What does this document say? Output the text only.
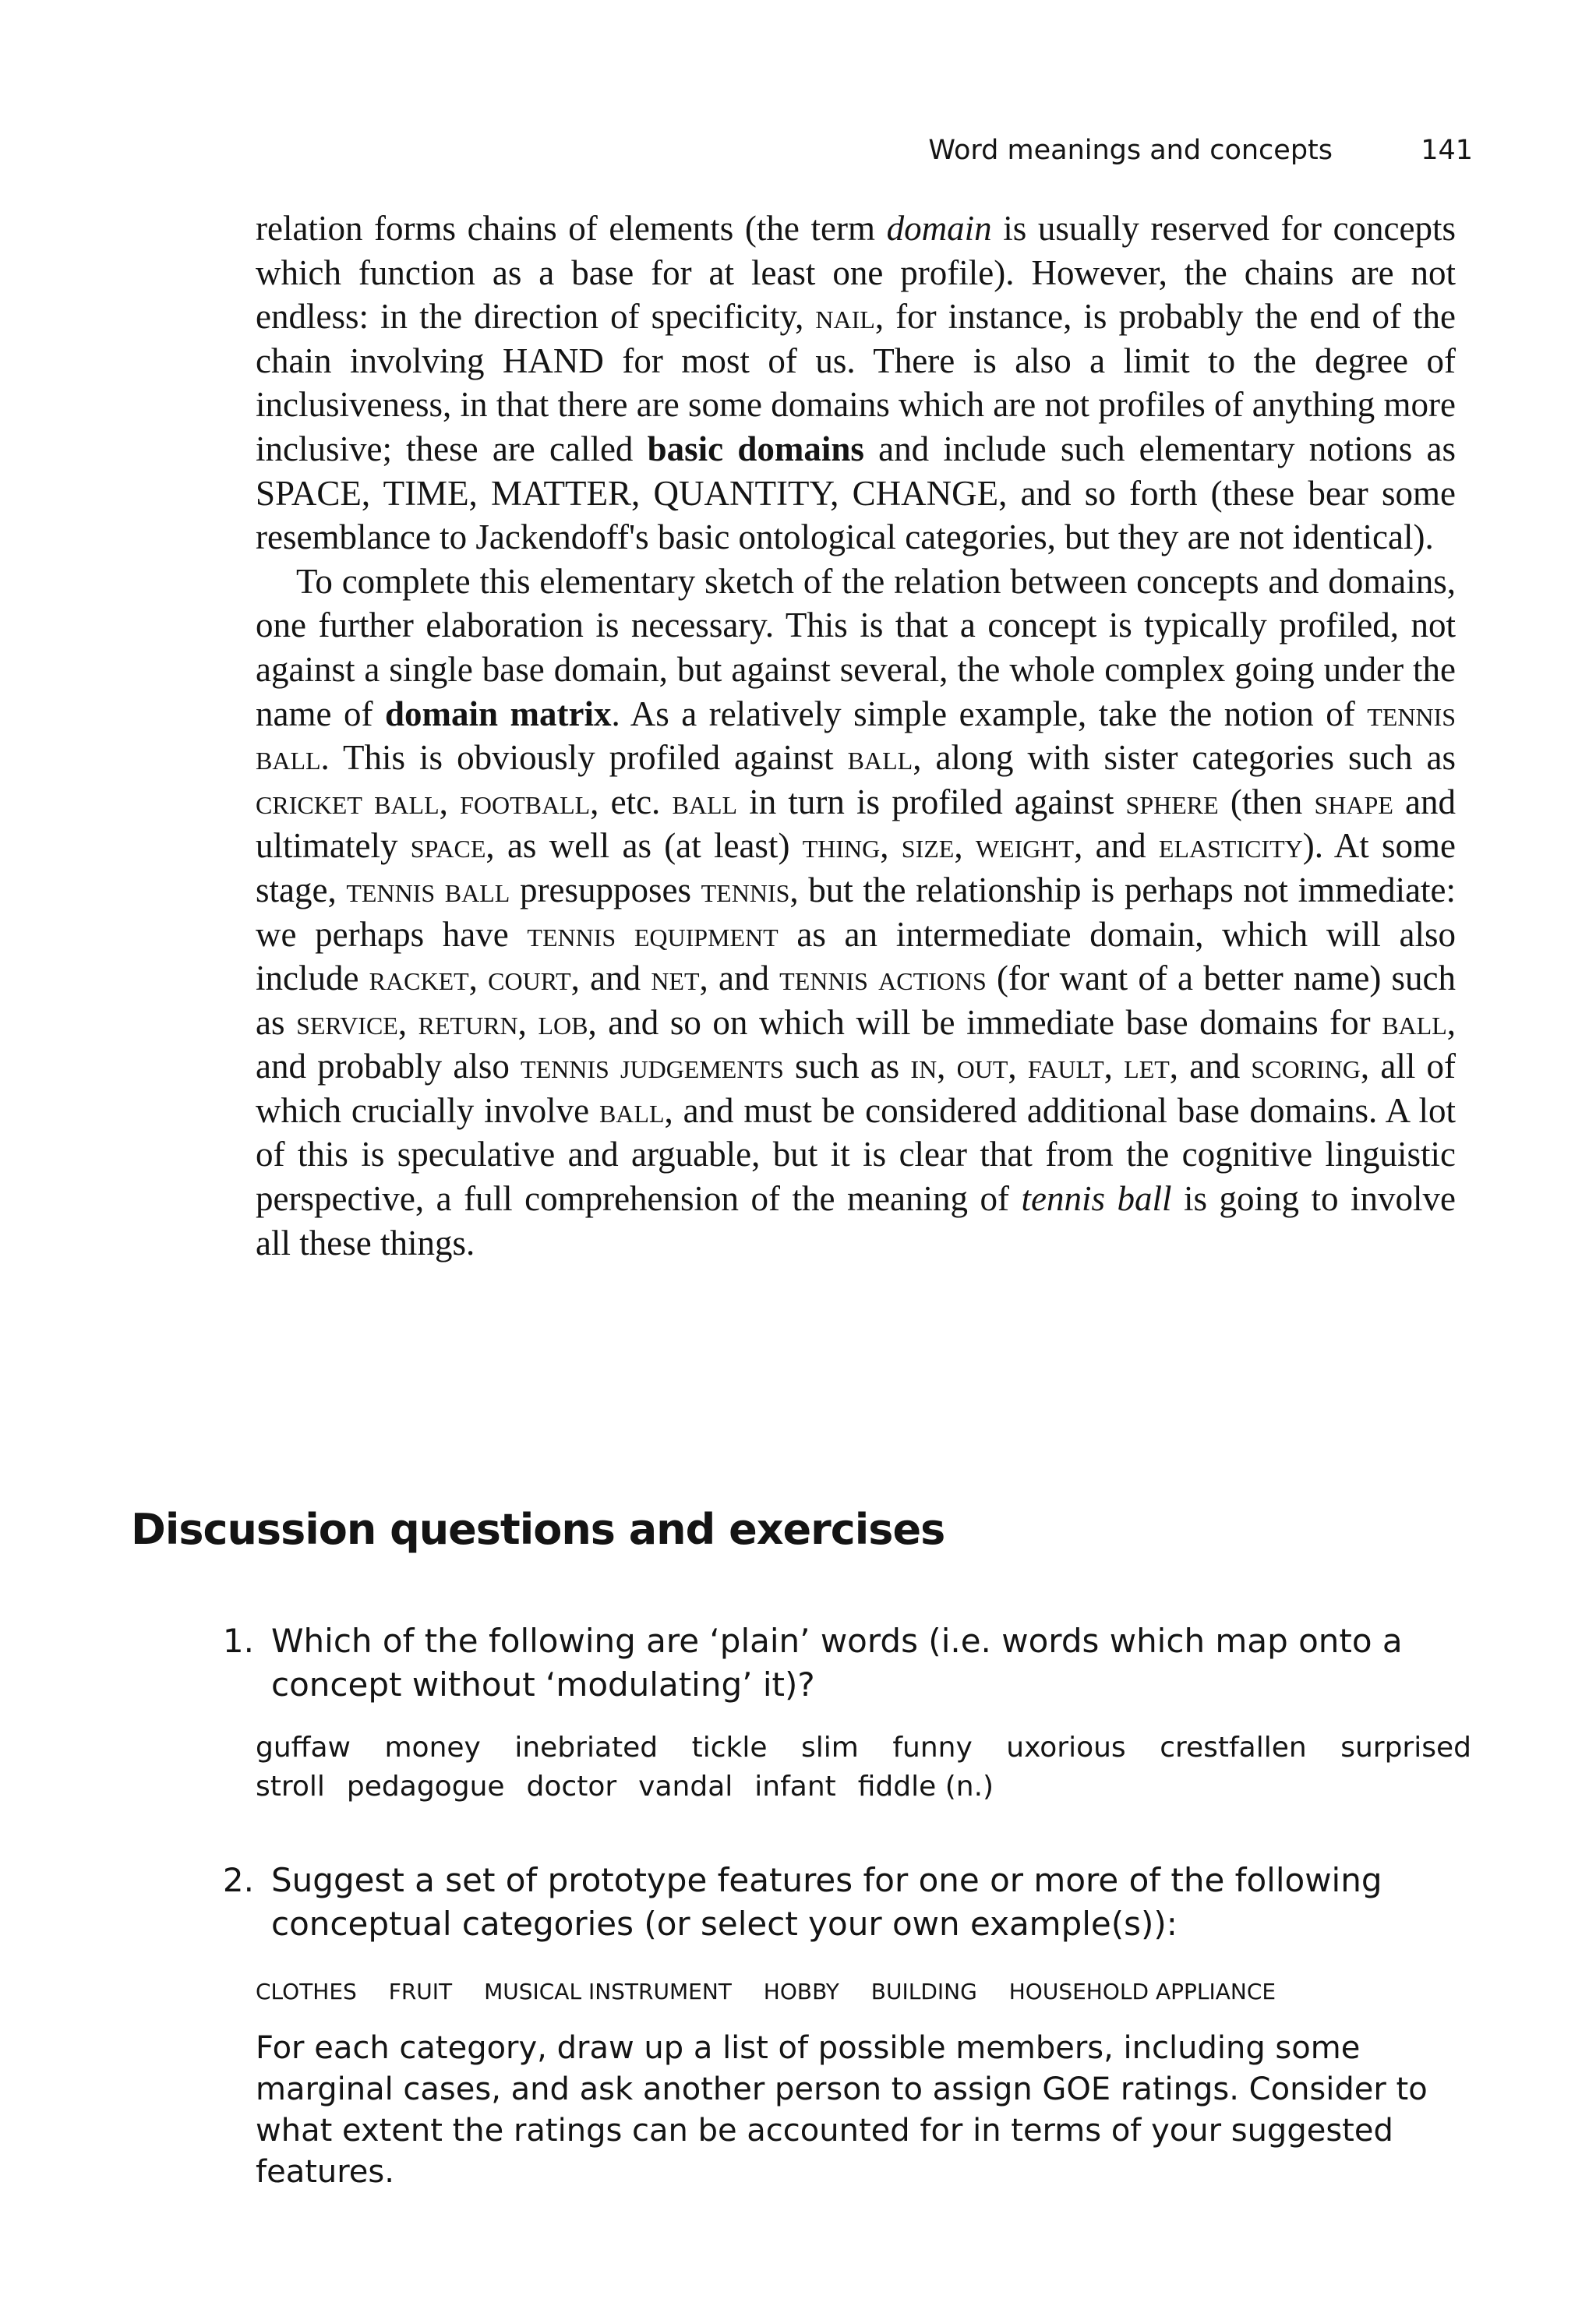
Word meanings and concepts	141

relation forms chains of elements (the term domain is usually reserved for concepts which function as a base for at least one profile). However, the chains are not endless: in the direction of specificity, nail, for instance, is probably the end of the chain involving HAND for most of us. There is also a limit to the degree of inclusiveness, in that there are some domains which are not profiles of anything more inclusive; these are called basic domains and include such elementary notions as SPACE, TIME, MATTER, QUANTITY, CHANGE, and so forth (these bear some resemblance to Jackendoff's basic ontological categories, but they are not identical).

To complete this elementary sketch of the relation between concepts and domains, one further elaboration is necessary. This is that a concept is typically profiled, not against a single base domain, but against several, the whole complex going under the name of domain matrix. As a relatively simple example, take the notion of tennis ball. This is obviously profiled against ball, along with sister categories such as cricket ball, football, etc. ball in turn is profiled against sphere (then shape and ultimately space, as well as (at least) thing, size, weight, and elasticity). At some stage, tennis ball presupposes tennis, but the relationship is perhaps not immediate: we perhaps have tennis equipment as an intermediate domain, which will also include racket, court, and net, and tennis actions (for want of a better name) such as service, return, lob, and so on which will be immediate base domains for ball, and probably also tennis judgements such as in, out, fault, let, and scoring, all of which crucially involve ball, and must be considered additional base domains. A lot of this is speculative and arguable, but it is clear that from the cognitive linguistic perspective, a full comprehension of the meaning of tennis ball is going to involve all these things.

Discussion questions and exercises
1. Which of the following are ‘plain’ words (i.e. words which map onto a concept without ‘modulating’ it)?
guffaw money inebriated tickle slim funny uxorious crestfallen surprised
stroll pedagogue doctor vandal infant fiddle (n.)
2. Suggest a set of prototype features for one or more of the following conceptual categories (or select your own example(s)):
CLOTHES FRUIT MUSICAL INSTRUMENT HOBBY BUILDING HOUSEHOLD APPLIANCE

For each category, draw up a list of possible members, including some marginal cases, and ask another person to assign GOE ratings. Consider to what extent the ratings can be accounted for in terms of your suggested features.
